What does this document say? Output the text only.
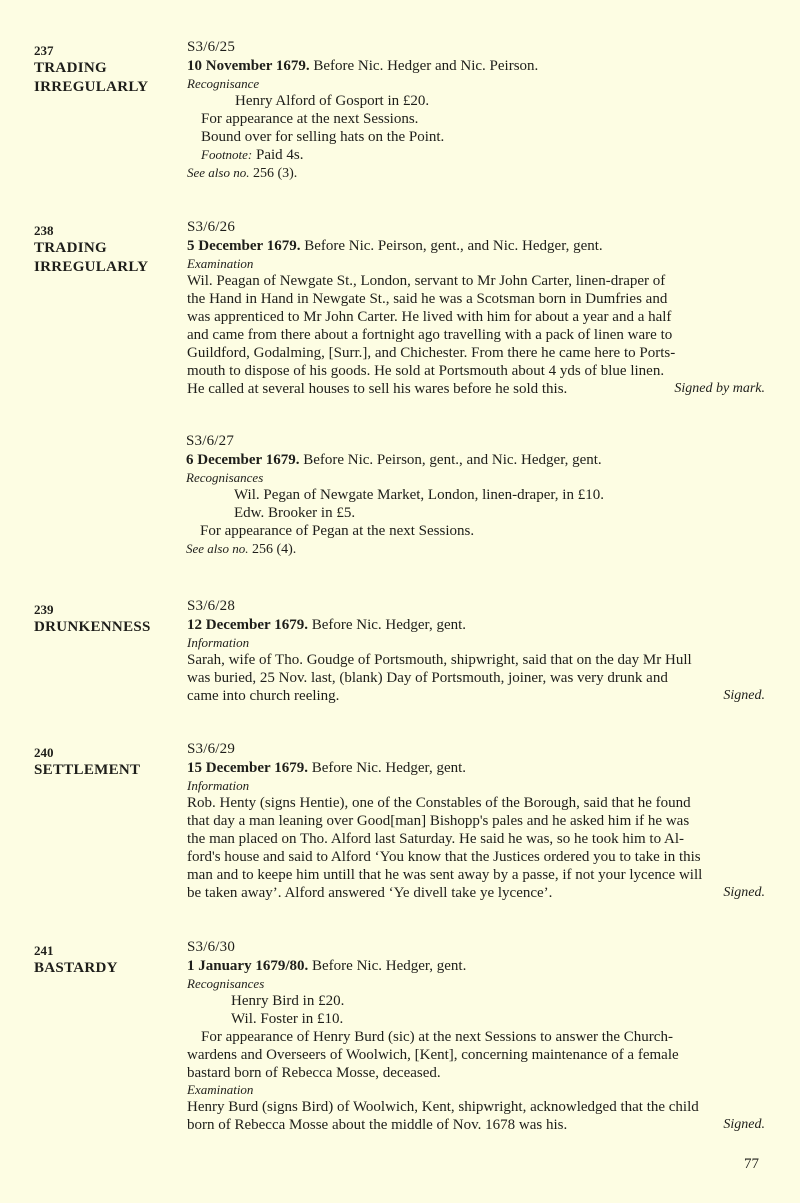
237
TRADING
IRREGULARLY
S3/6/25
10 November 1679. Before Nic. Hedger and Nic. Peirson.
Recognisance
Henry Alford of Gosport in £20.
For appearance at the next Sessions.
Bound over for selling hats on the Point.
Footnote: Paid 4s.
See also no. 256 (3).
238
TRADING
IRREGULARLY
S3/6/26
5 December 1679. Before Nic. Peirson, gent., and Nic. Hedger, gent.
Examination
Wil. Peagan of Newgate St., London, servant to Mr John Carter, linen-draper of
the Hand in Hand in Newgate St., said he was a Scotsman born in Dumfries and
was apprenticed to Mr John Carter. He lived with him for about a year and a half
and came from there about a fortnight ago travelling with a pack of linen ware to
Guildford, Godalming, [Surr.], and Chichester. From there he came here to Ports-
mouth to dispose of his goods. He sold at Portsmouth about 4 yds of blue linen.
He called at several houses to sell his wares before he sold this.	Signed by mark.
S3/6/27
6 December 1679. Before Nic. Peirson, gent., and Nic. Hedger, gent.
Recognisances
Wil. Pegan of Newgate Market, London, linen-draper, in £10.
Edw. Brooker in £5.
For appearance of Pegan at the next Sessions.
See also no. 256 (4).
239
DRUNKENNESS
S3/6/28
12 December 1679. Before Nic. Hedger, gent.
Information
Sarah, wife of Tho. Goudge of Portsmouth, shipwright, said that on the day Mr Hull
was buried, 25 Nov. last, (blank) Day of Portsmouth, joiner, was very drunk and
came into church reeling.	Signed.
240
SETTLEMENT
S3/6/29
15 December 1679. Before Nic. Hedger, gent.
Information
Rob. Henty (signs Hentie), one of the Constables of the Borough, said that he found
that day a man leaning over Good[man] Bishopp's pales and he asked him if he was
the man placed on Tho. Alford last Saturday. He said he was, so he took him to Al-
ford's house and said to Alford ‘You know that the Justices ordered you to take in this
man and to keepe him untill that he was sent away by a passe, if not your lycence will
be taken away’. Alford answered ‘Ye divell take ye lycence’.	Signed.
241
BASTARDY
S3/6/30
1 January 1679/80. Before Nic. Hedger, gent.
Recognisances
Henry Bird in £20.
Wil. Foster in £10.
For appearance of Henry Burd (sic) at the next Sessions to answer the Church-
wardens and Overseers of Woolwich, [Kent], concerning maintenance of a female
bastard born of Rebecca Mosse, deceased.
Examination
Henry Burd (signs Bird) of Woolwich, Kent, shipwright, acknowledged that the child
born of Rebecca Mosse about the middle of Nov. 1678 was his.	Signed.
77
